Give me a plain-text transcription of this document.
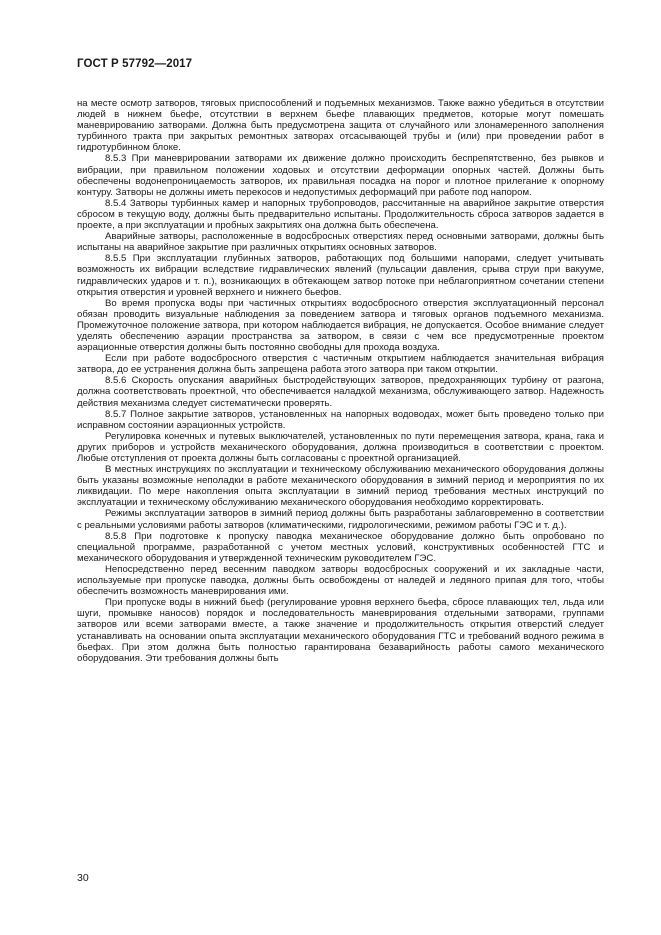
ГОСТ Р 57792—2017

на месте осмотр затворов, тяговых приспособлений и подъемных механизмов. Также важно убедиться в отсутствии людей в нижнем бьефе, отсутствии в верхнем бьефе плавающих предметов, которые могут помешать маневрированию затворами. Должна быть предусмотрена защита от случайного или злонамеренного заполнения турбинного тракта при закрытых ремонтных затворах отсасывающей трубы и (или) при проведении работ в гидротурбинном блоке.

8.5.3 При маневрировании затворами их движение должно происходить беспрепятственно, без рывков и вибрации, при правильном положении ходовых и отсутствии деформации опорных частей. Должны быть обеспечены водонепроницаемость затворов, их правильная посадка на порог и плотное прилегание к опорному контуру. Затворы не должны иметь перекосов и недопустимых деформаций при работе под напором.

8.5.4 Затворы турбинных камер и напорных трубопроводов, рассчитанные на аварийное закрытие отверстия сбросом в текущую воду, должны быть предварительно испытаны. Продолжительность сброса затворов задается в проекте, а при эксплуатации и пробных закрытиях она должна быть обеспечена.

Аварийные затворы, расположенные в водосбросных отверстиях перед основными затворами, должны быть испытаны на аварийное закрытие при различных открытиях основных затворов.

8.5.5 При эксплуатации глубинных затворов, работающих под большими напорами, следует учитывать возможность их вибрации вследствие гидравлических явлений (пульсации давления, срыва струи при вакууме, гидравлических ударов и т. п.), возникающих в обтекающем затвор потоке при неблагоприятном сочетании степени открытия отверстия и уровней верхнего и нижнего бьефов.

Во время пропуска воды при частичных открытиях водосбросного отверстия эксплуатационный персонал обязан проводить визуальные наблюдения за поведением затвора и тяговых органов подъемного механизма. Промежуточное положение затвора, при котором наблюдается вибрация, не допускается. Особое внимание следует уделять обеспечению аэрации пространства за затвором, в связи с чем все предусмотренные проектом аэрационные отверстия должны быть постоянно свободны для прохода воздуха.

Если при работе водосбросного отверстия с частичным открытием наблюдается значительная вибрация затвора, до ее устранения должна быть запрещена работа этого затвора при таком открытии.

8.5.6 Скорость опускания аварийных быстродействующих затворов, предохраняющих турбину от разгона, должна соответствовать проектной, что обеспечивается наладкой механизма, обслуживающего затвор. Надежность действия механизма следует систематически проверять.

8.5.7 Полное закрытие затворов, установленных на напорных водоводах, может быть проведено только при исправном состоянии аэрационных устройств.

Регулировка конечных и путевых выключателей, установленных по пути перемещения затвора, крана, гака и других приборов и устройств механического оборудования, должна производиться в соответствии с проектом. Любые отступления от проекта должны быть согласованы с проектной организацией.

В местных инструкциях по эксплуатации и техническому обслуживанию механического оборудования должны быть указаны возможные неполадки в работе механического оборудования в зимний период и мероприятия по их ликвидации. По мере накопления опыта эксплуатации в зимний период требования местных инструкций по эксплуатации и техническому обслуживанию механического оборудования необходимо корректировать.

Режимы эксплуатации затворов в зимний период должны быть разработаны заблаговременно в соответствии с реальными условиями работы затворов (климатическими, гидрологическими, режимом работы ГЭС и т. д.).

8.5.8 При подготовке к пропуску паводка механическое оборудование должно быть опробовано по специальной программе, разработанной с учетом местных условий, конструктивных особенностей ГТС и механического оборудования и утвержденной техническим руководителем ГЭС.

Непосредственно перед весенним паводком затворы водосбросных сооружений и их закладные части, используемые при пропуске паводка, должны быть освобождены от наледей и ледяного припая для того, чтобы обеспечить возможность маневрирования ими.

При пропуске воды в нижний бьеф (регулирование уровня верхнего бьефа, сбросе плавающих тел, льда или шуги, промывке наносов) порядок и последовательность маневрирования отдельными затворами, группами затворов или всеми затворами вместе, а также значение и продолжительность открытия отверстий следует устанавливать на основании опыта эксплуатации механического оборудования ГТС и требований водного режима в бьефах. При этом должна быть полностью гарантирована безаварийность работы самого механического оборудования. Эти требования должны быть

30
